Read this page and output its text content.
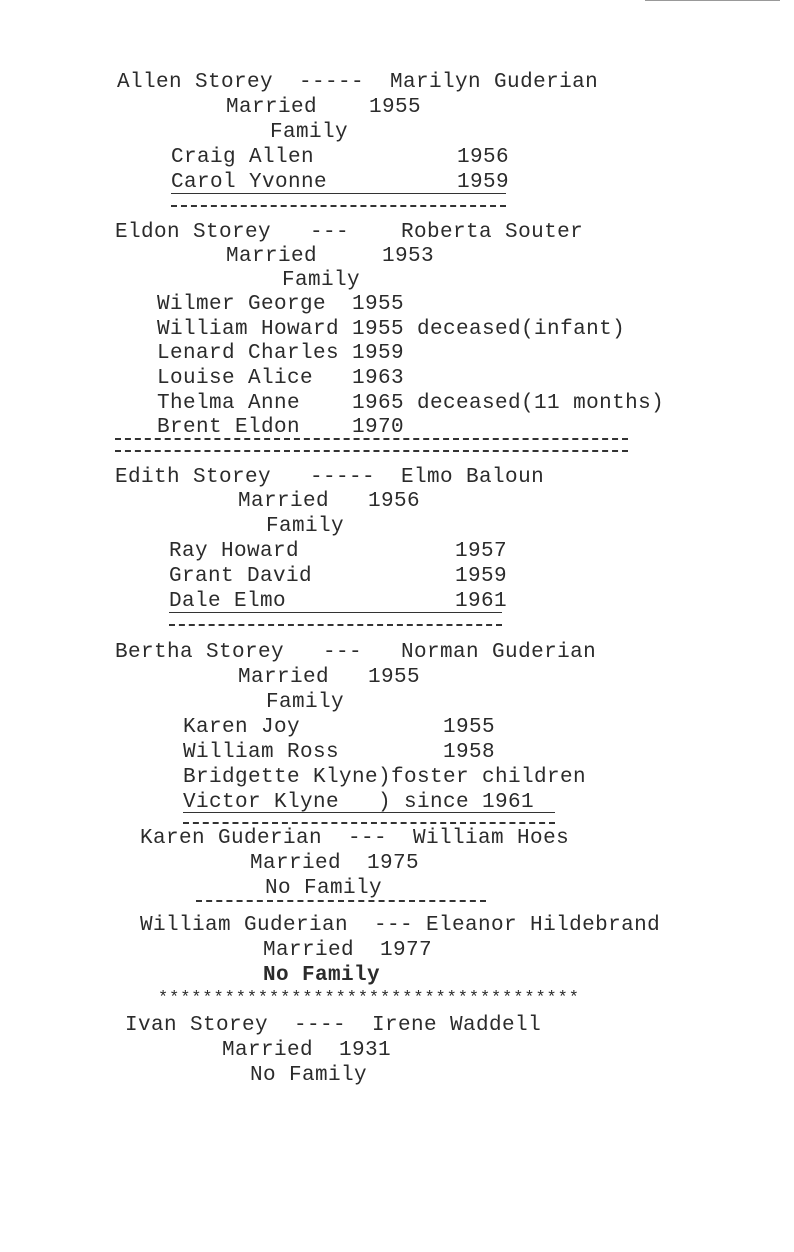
Allen Storey  -----  Marilyn Guderian
Married    1955
Family
Craig Allen           1956
Carol Yvonne          1959
Eldon Storey   ---    Roberta Souter
Married     1953
Family
Wilmer George  1955
William Howard 1955 deceased(infant)
Lenard Charles 1959
Louise Alice   1963
Thelma Anne    1965 deceased(11 months)
Brent Eldon    1970
Edith Storey   -----  Elmo Baloun
Married   1956
Family
Ray Howard            1957
Grant David           1959
Dale Elmo             1961
Bertha Storey   ---   Norman Guderian
Married   1955
Family
Karen Joy           1955
William Ross        1958
Bridgette Klyne)foster children
Victor Klyne   ) since 1961
Karen Guderian  ---  William Hoes
Married  1975
No Family
William Guderian  --- Eleanor Hildebrand
Married  1977
No Family
**************************************
Ivan Storey  ----  Irene Waddell
Married  1931
No Family
